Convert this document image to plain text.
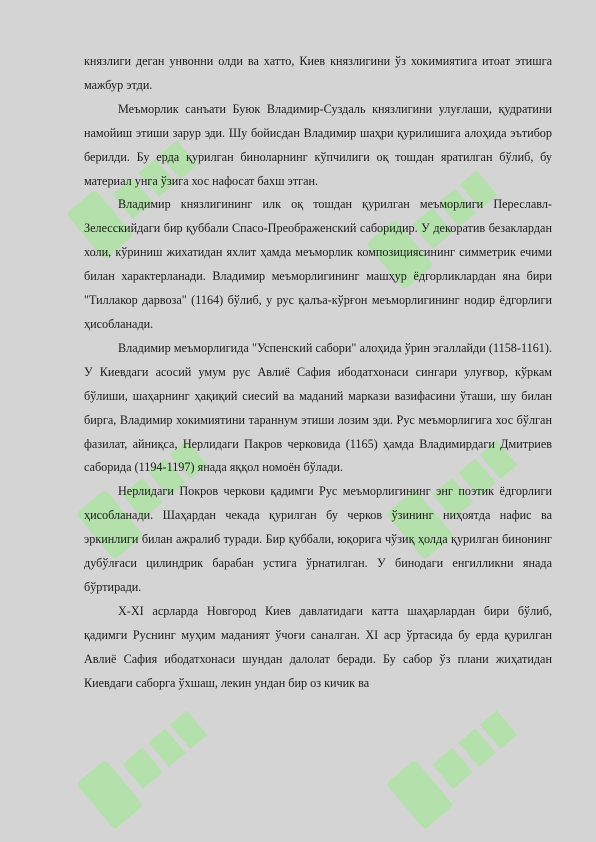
князлиги деган унвонни олди ва хатто, Киев князлигини ўз хокимиятига итоат этишга мажбур этди.

Меъморлик санъати Буюк Владимир-Суздаль князлигини улуғлаши, қудратини намойиш этиши зарур эди. Шу бойисдан Владимир шаҳри қурилишига алоҳида эътибор берилди. Бу ерда қурилган биноларнинг кўпчилиги оқ тошдан яратилган бўлиб, бу материал унга ўзига хос нафосат бахш этган.

Владимир князлигининг илк оқ тошдан қурилган меъморлиги Переславл-Зелесскийдаги бир қуббали Спасо-Преображенский саборидир. У декоратив безаклардан холи, кўриниш жихатидан яхлит ҳамда меъморлик композициясининг симметрик ечими билан характерланади. Владимир меъморлигининг машҳур ёдгорликлардан яна бири "Тиллакор дарвоза" (1164) бўлиб, у рус қалъа-кўрғон меъморлигининг нодир ёдгорлиги ҳисобланади.

Владимир меъморлигида "Успенский сабори" алоҳида ўрин эгаллайди (1158-1161). У Киевдаги асосий умум рус Авлиё Сафия ибодатхонаси сингари улуғвор, кўркам бўлиши, шаҳарнинг ҳақиқий сиесий ва маданий маркази вазифасини ўташи, шу билан бирга, Владимир хокимиятини тараннум этиши лозим эди. Рус меъморлигига хос бўлган фазилат, айниқса, Нерлидаги Пакров черковида (1165) ҳамда Владимирдаги Дмитриев саборида (1194-1197) янада яққол номоён бўлади.

Нерлидаги Покров черкови қадимги Рус меъморлигининг энг поэтик ёдгорлиги ҳисобланади. Шаҳардан чекада қурилган бу черков ўзининг ниҳоятда нафис ва эркинлиги билан ажралиб туради. Бир қуббали, юқорига чўзиқ ҳолда қурилган бинонинг дубўлғаси цилиндрик барабан устига ўрнатилган. У бинодаги енгилликни янада бўртиради.

X-XI асрларда Новгород Киев давлатидаги катта шаҳарлардан бири бўлиб, қадимги Руснинг муҳим маданият ўчоғи саналган. XI аср ўртасида бу ерда қурилган Авлиё Сафия ибодатхонаси шундан далолат беради. Бу сабор ўз плани жиҳатидан Киевдаги саборга ўхшаш, лекин ундан бир оз кичик ва
